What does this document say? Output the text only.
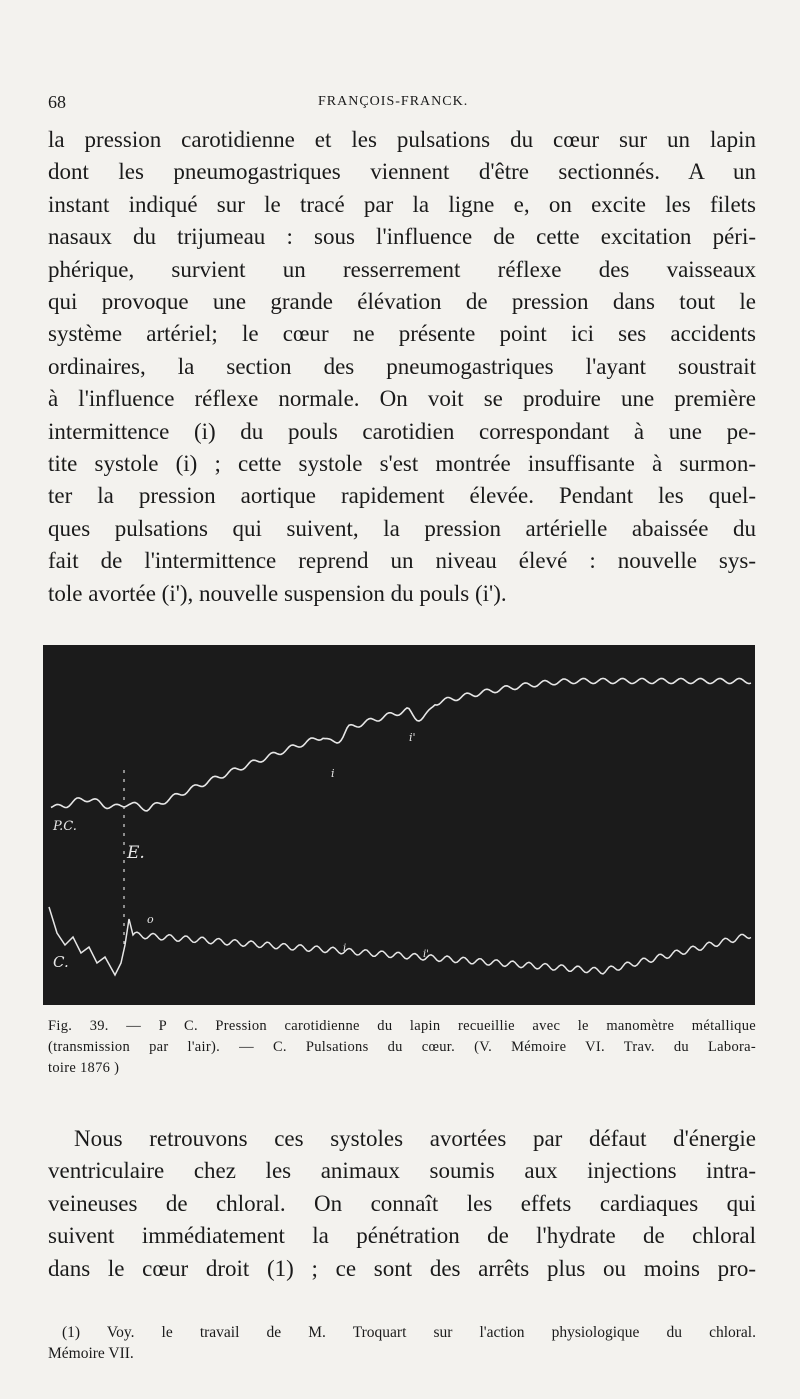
68	FRANÇOIS-FRANCK.
la pression carotidienne et les pulsations du cœur sur un lapin
dont les pneumogastriques viennent d'être sectionnés. A un
instant indiqué sur le tracé par la ligne e, on excite les filets
nasaux du trijumeau : sous l'influence de cette excitation péri-
phérique, survient un resserrement réflexe des vaisseaux
qui provoque une grande élévation de pression dans tout le
système artériel; le cœur ne présente point ici ses accidents
ordinaires, la section des pneumogastriques l'ayant soustrait
à l'influence réflexe normale. On voit se produire une première
intermittence (i) du pouls carotidien correspondant à une pe-
tite systole (i) ; cette systole s'est montrée insuffisante à surmon-
ter la pression aortique rapidement élevée. Pendant les quel-
ques pulsations qui suivent, la pression artérielle abaissée du
fait de l'intermittence reprend un niveau élevé : nouvelle sys-
tole avortée (i'), nouvelle suspension du pouls (i').
P.C.
C.
E.
i
i'
i
i'
o
Fig. 39. — P C. Pression carotidienne du lapin recueillie avec le manomètre métallique
(transmission par l'air). — C. Pulsations du cœur. (V. Mémoire VI. Trav. du Labora-
toire 1876 )
Nous retrouvons ces systoles avortées par défaut d'énergie
ventriculaire chez les animaux soumis aux injections intra-
veineuses de chloral. On connaît les effets cardiaques qui
suivent immédiatement la pénétration de l'hydrate de chloral
dans le cœur droit (1) ; ce sont des arrêts plus ou moins pro-
(1) Voy. le travail de M. Troquart sur l'action physiologique du chloral.
Mémoire VII.
